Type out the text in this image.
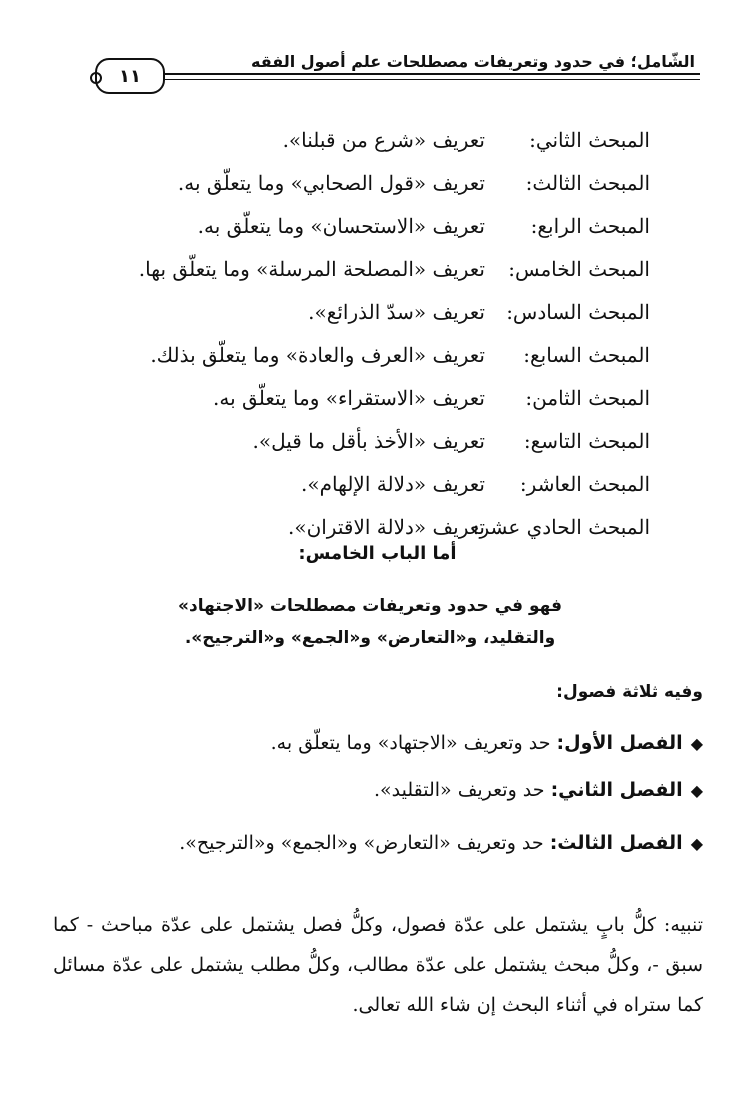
١١
الشّامل؛ في حدود وتعريفات مصطلحات علم أصول الفقه
المبحث الثاني:
تعريف «شرع من قبلنا».
المبحث الثالث:
تعريف «قول الصحابي» وما يتعلّق به.
المبحث الرابع:
تعريف «الاستحسان» وما يتعلّق به.
المبحث الخامس:
تعريف «المصلحة المرسلة» وما يتعلّق بها.
المبحث السادس:
تعريف «سدّ الذرائع».
المبحث السابع:
تعريف «العرف والعادة» وما يتعلّق بذلك.
المبحث الثامن:
تعريف «الاستقراء» وما يتعلّق به.
المبحث التاسع:
تعريف «الأخذ بأقل ما قيل».
المبحث العاشر:
تعريف «دلالة الإلهام».
المبحث الحادي عشر:
تعريف «دلالة الاقتران».
أما الباب الخامس:
فهو في حدود وتعريفات مصطلحات «الاجتهاد»
والتقليد، و«التعارض» و«الجمع» و«الترجيح».
وفيه ثلاثة فصول:
◆الفصل الأول: حد وتعريف «الاجتهاد» وما يتعلّق به.
◆الفصل الثاني: حد وتعريف «التقليد».
◆الفصل الثالث: حد وتعريف «التعارض» و«الجمع» و«الترجيح».
تنبيه: كلُّ بابٍ يشتمل على عدّة فصول، وكلُّ فصل يشتمل على عدّة مباحث - كما سبق -، وكلُّ مبحث يشتمل على عدّة مطالب، وكلُّ مطلب يشتمل على عدّة مسائل كما ستراه في أثناء البحث إن شاء الله تعالى.
